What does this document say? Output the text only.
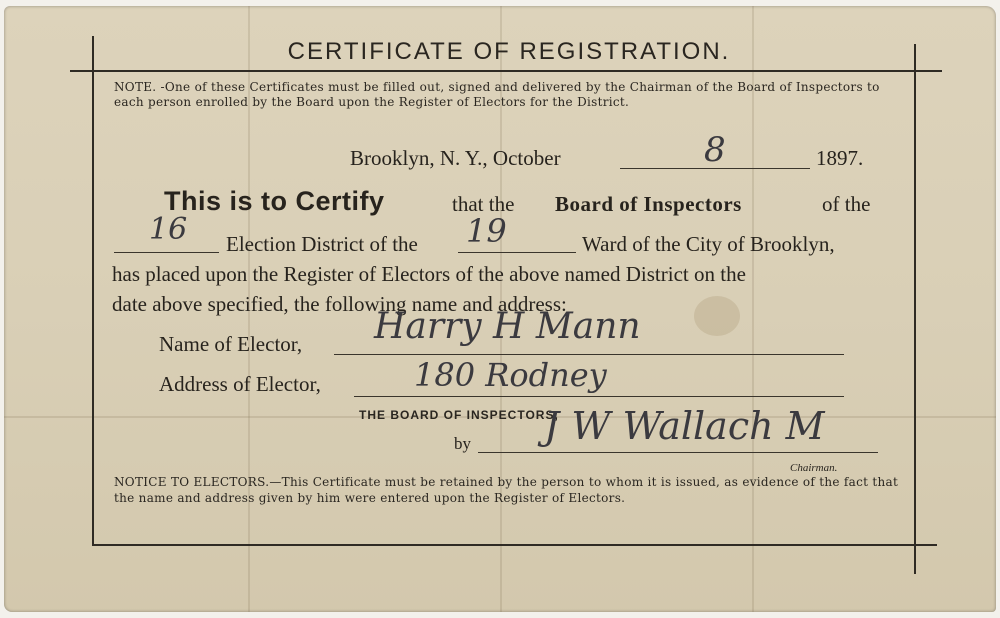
CERTIFICATE OF REGISTRATION.
NOTE. -One of these Certificates must be filled out, signed and delivered by the Chairman of the Board of Inspectors to each person enrolled by the Board upon the Register of Electors for the District.
Brooklyn, N. Y., October	8	1897.
This is to Certify	that the Board of Inspectors	of the
16 Election District of the 19	Ward of the City of Brooklyn,
has placed upon the Register of Electors of the above named District on the
date above specified, the following name and address:
Name of Elector, Harry H Mann
Address of Elector,	180 Rodney
THE BOARD OF INSPECTORS,
by J W Wallach M
Chairman.
NOTICE TO ELECTORS.—This Certificate must be retained by the person to whom it is issued, as evidence of the fact that the name and address given by him were entered upon the Register of Electors.
